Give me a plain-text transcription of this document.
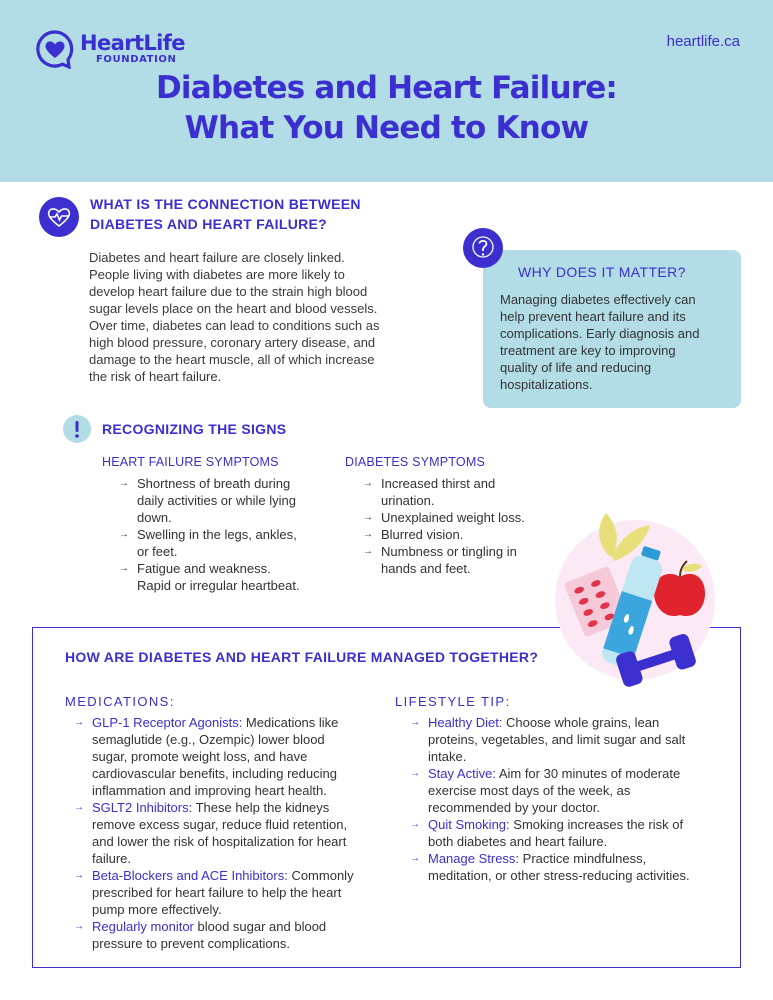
HeartLife
FOUNDATION
heartlife.ca
Diabetes and Heart Failure:
What You Need to Know
WHAT IS THE CONNECTION BETWEEN
DIABETES AND HEART FAILURE?
Diabetes and heart failure are closely linked.
People living with diabetes are more likely to
develop heart failure due to the strain high blood
sugar levels place on the heart and blood vessels.
Over time, diabetes can lead to conditions such as
high blood pressure, coronary artery disease, and
damage to the heart muscle, all of which increase
the risk of heart failure.
WHY DOES IT MATTER?
Managing diabetes effectively can
help prevent heart failure and its
complications. Early diagnosis and
treatment are key to improving
quality of life and reducing
hospitalizations.
RECOGNIZING THE SIGNS
HEART FAILURE SYMPTOMS
→ Shortness of breath during
daily activities or while lying
down.
→ Swelling in the legs, ankles,
or feet.
→ Fatigue and weakness.
Rapid or irregular heartbeat.
DIABETES SYMPTOMS
→ Increased thirst and
urination.
→ Unexplained weight loss.
→ Blurred vision.
→ Numbness or tingling in
hands and feet.
HOW ARE DIABETES AND HEART FAILURE MANAGED TOGETHER?
MEDICATIONS:
→ GLP-1 Receptor Agonists: Medications like
semaglutide (e.g., Ozempic) lower blood
sugar, promote weight loss, and have
cardiovascular benefits, including reducing
inflammation and improving heart health.
→ SGLT2 Inhibitors: These help the kidneys
remove excess sugar, reduce fluid retention,
and lower the risk of hospitalization for heart
failure.
→ Beta-Blockers and ACE Inhibitors: Commonly
prescribed for heart failure to help the heart
pump more effectively.
→ Regularly monitor blood sugar and blood
pressure to prevent complications.
LIFESTYLE TIP:
→ Healthy Diet: Choose whole grains, lean
proteins, vegetables, and limit sugar and salt
intake.
→ Stay Active: Aim for 30 minutes of moderate
exercise most days of the week, as
recommended by your doctor.
→ Quit Smoking: Smoking increases the risk of
both diabetes and heart failure.
→ Manage Stress: Practice mindfulness,
meditation, or other stress-reducing activities.
